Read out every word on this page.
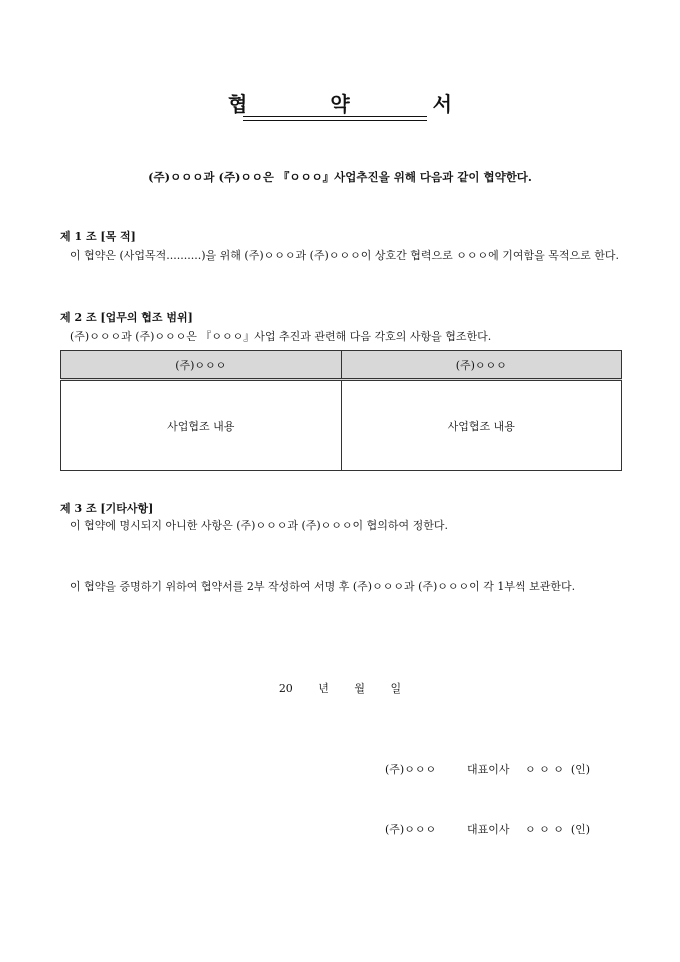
협 약 서
(주)ㅇㅇㅇ과 (주)ㅇㅇ은 『ㅇㅇㅇ』사업추진을 위해 다음과 같이 협약한다.
제 1 조 [목 적]
이 협약은 (사업목적..........)을 위해 (주)ㅇㅇㅇ과 (주)ㅇㅇㅇ이 상호간 협력으로 ㅇㅇㅇ에 기여함을 목적으로 한다.
제 2 조 [업무의 협조 범위]
(주)ㅇㅇㅇ과 (주)ㅇㅇㅇ은 『ㅇㅇㅇ』사업 추진과 관련해 다음 각호의 사항을 협조한다.
(주)ㅇㅇㅇ	(주)ㅇㅇㅇ
사업협조 내용	사업협조 내용
제 3 조 [기타사항]
이 협약에 명시되지 아니한 사항은 (주)ㅇㅇㅇ과 (주)ㅇㅇㅇ이 협의하여 정한다.
이 협약을 증명하기 위하여 협약서를 2부 작성하여 서명 후 (주)ㅇㅇㅇ과 (주)ㅇㅇㅇ이 각 1부씩 보관한다.
20 년 월 일
(주)ㅇㅇㅇ	대표이사 ㅇ ㅇ ㅇ (인)
(주)ㅇㅇㅇ	대표이사 ㅇ ㅇ ㅇ (인)
